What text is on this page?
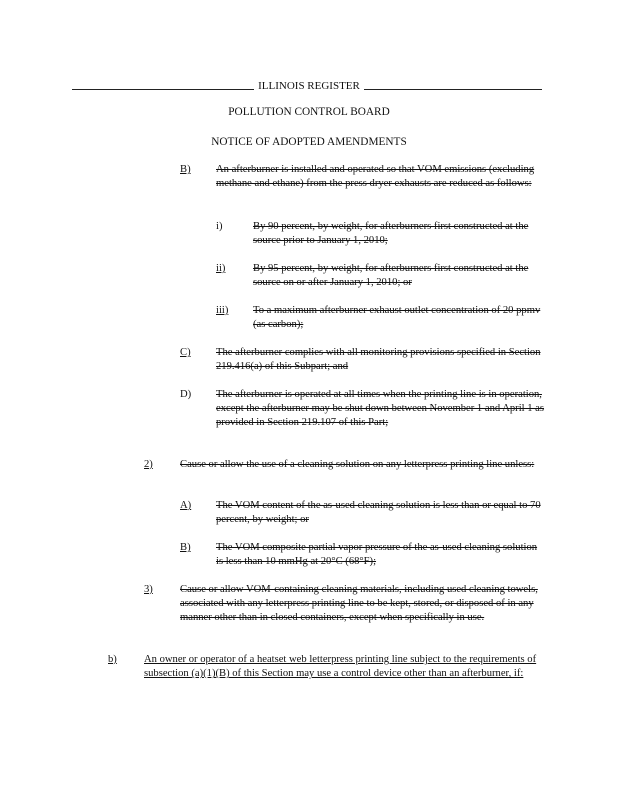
ILLINOIS REGISTER
POLLUTION CONTROL BOARD
NOTICE OF ADOPTED AMENDMENTS
B) An afterburner is installed and operated so that VOM emissions (excluding methane and ethane) from the press dryer exhausts are reduced as follows:
i)	By 90 percent, by weight, for afterburners first constructed at the source prior to January 1, 2010;
ii)	By 95 percent, by weight, for afterburners first constructed at the source on or after January 1, 2010; or
iii) To a maximum afterburner exhaust outlet concentration of 20 ppmv (as carbon);
C) The afterburner complies with all monitoring provisions specified in Section 219.416(a) of this Subpart; and
D) The afterburner is operated at all times when the printing line is in operation, except the afterburner may be shut down between November 1 and April 1 as provided in Section 219.107 of this Part;
2)	Cause or allow the use of a cleaning solution on any letterpress printing line unless:
A) The VOM content of the as-used cleaning solution is less than or equal to 70 percent, by weight; or
B) The VOM composite partial vapor pressure of the as-used cleaning solution is less than 10 mmHg at 20°C (68°F);
3)	Cause or allow VOM-containing cleaning materials, including used cleaning towels, associated with any letterpress printing line to be kept, stored, or disposed of in any manner other than in closed containers, except when specifically in use.
b)	An owner or operator of a heatset web letterpress printing line subject to the requirements of subsection (a)(1)(B) of this Section may use a control device other than an afterburner, if:
